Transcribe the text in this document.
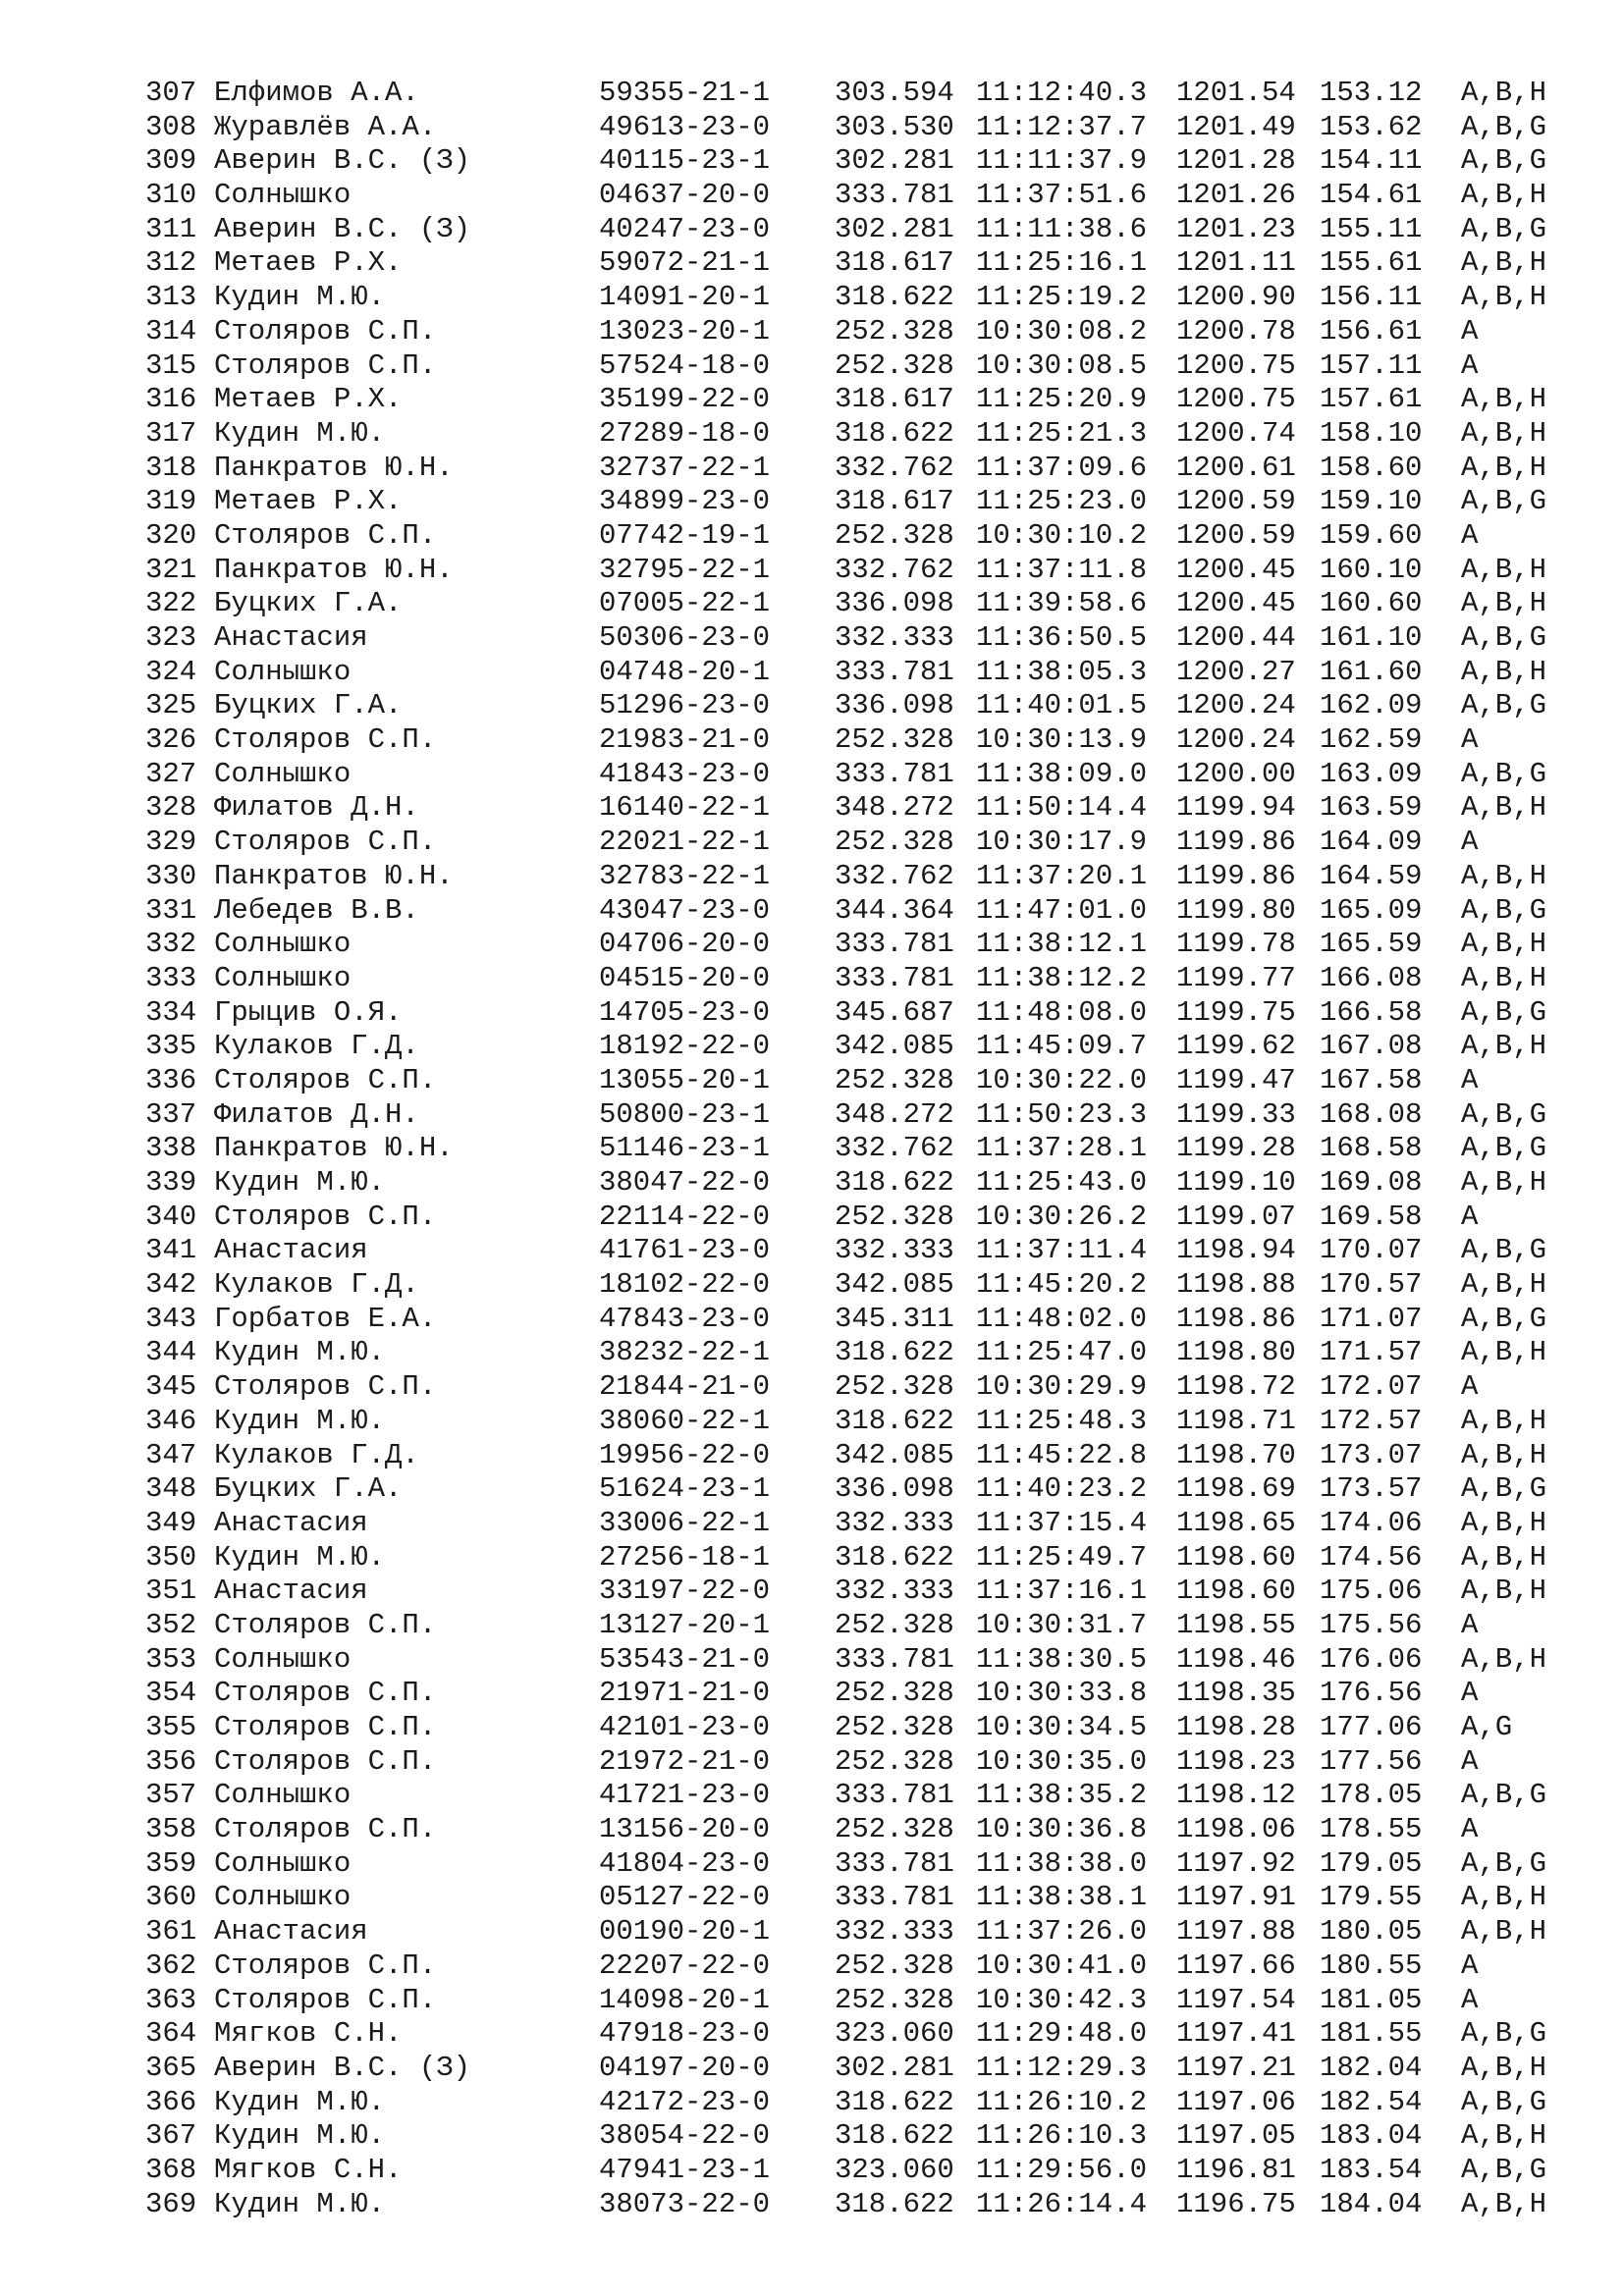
307 Елфимов А.А.	59355-21-1 303.594 11:12:40.3 1201.54 153.12 A,B,H
308 Журавлёв А.А.	49613-23-0 303.530 11:12:37.7 1201.49 153.62 A,B,G
309 Аверин В.С. (З)	40115-23-1 302.281 11:11:37.9 1201.28 154.11 A,B,G
310 Солнышко	04637-20-0 333.781 11:37:51.6 1201.26 154.61 A,B,H
311 Аверин В.С. (З)	40247-23-0 302.281 11:11:38.6 1201.23 155.11 A,B,G
312 Метаев Р.Х.	59072-21-1 318.617 11:25:16.1 1201.11 155.61 A,B,H
313 Кудин М.Ю.	14091-20-1 318.622 11:25:19.2 1200.90 156.11 A,B,H
314 Столяров С.П.	13023-20-1 252.328 10:30:08.2 1200.78 156.61 A
315 Столяров С.П.	57524-18-0 252.328 10:30:08.5 1200.75 157.11 A
316 Метаев Р.Х.	35199-22-0 318.617 11:25:20.9 1200.75 157.61 A,B,H
317 Кудин М.Ю.	27289-18-0 318.622 11:25:21.3 1200.74 158.10 A,B,H
318 Панкратов Ю.Н.	32737-22-1 332.762 11:37:09.6 1200.61 158.60 A,B,H
319 Метаев Р.Х.	34899-23-0 318.617 11:25:23.0 1200.59 159.10 A,B,G
320 Столяров С.П.	07742-19-1 252.328 10:30:10.2 1200.59 159.60 A
321 Панкратов Ю.Н.	32795-22-1 332.762 11:37:11.8 1200.45 160.10 A,B,H
322 Буцких Г.А.	07005-22-1 336.098 11:39:58.6 1200.45 160.60 A,B,H
323 Анастасия	50306-23-0 332.333 11:36:50.5 1200.44 161.10 A,B,G
324 Солнышко	04748-20-1 333.781 11:38:05.3 1200.27 161.60 A,B,H
325 Буцких Г.А.	51296-23-0 336.098 11:40:01.5 1200.24 162.09 A,B,G
326 Столяров С.П.	21983-21-0 252.328 10:30:13.9 1200.24 162.59 A
327 Солнышко	41843-23-0 333.781 11:38:09.0 1200.00 163.09 A,B,G
328 Филатов Д.Н.	16140-22-1 348.272 11:50:14.4 1199.94 163.59 A,B,H
329 Столяров С.П.	22021-22-1 252.328 10:30:17.9 1199.86 164.09 A
330 Панкратов Ю.Н.	32783-22-1 332.762 11:37:20.1 1199.86 164.59 A,B,H
331 Лебедев В.В.	43047-23-0 344.364 11:47:01.0 1199.80 165.09 A,B,G
332 Солнышко	04706-20-0 333.781 11:38:12.1 1199.78 165.59 A,B,H
333 Солнышко	04515-20-0 333.781 11:38:12.2 1199.77 166.08 A,B,H
334 Грыцив О.Я.	14705-23-0 345.687 11:48:08.0 1199.75 166.58 A,B,G
335 Кулаков Г.Д.	18192-22-0 342.085 11:45:09.7 1199.62 167.08 A,B,H
336 Столяров С.П.	13055-20-1 252.328 10:30:22.0 1199.47 167.58 A
337 Филатов Д.Н.	50800-23-1 348.272 11:50:23.3 1199.33 168.08 A,B,G
338 Панкратов Ю.Н.	51146-23-1 332.762 11:37:28.1 1199.28 168.58 A,B,G
339 Кудин М.Ю.	38047-22-0 318.622 11:25:43.0 1199.10 169.08 A,B,H
340 Столяров С.П.	22114-22-0 252.328 10:30:26.2 1199.07 169.58 A
341 Анастасия	41761-23-0 332.333 11:37:11.4 1198.94 170.07 A,B,G
342 Кулаков Г.Д.	18102-22-0 342.085 11:45:20.2 1198.88 170.57 A,B,H
343 Горбатов Е.А.	47843-23-0 345.311 11:48:02.0 1198.86 171.07 A,B,G
344 Кудин М.Ю.	38232-22-1 318.622 11:25:47.0 1198.80 171.57 A,B,H
345 Столяров С.П.	21844-21-0 252.328 10:30:29.9 1198.72 172.07 A
346 Кудин М.Ю.	38060-22-1 318.622 11:25:48.3 1198.71 172.57 A,B,H
347 Кулаков Г.Д.	19956-22-0 342.085 11:45:22.8 1198.70 173.07 A,B,H
348 Буцких Г.А.	51624-23-1 336.098 11:40:23.2 1198.69 173.57 A,B,G
349 Анастасия	33006-22-1 332.333 11:37:15.4 1198.65 174.06 A,B,H
350 Кудин М.Ю.	27256-18-1 318.622 11:25:49.7 1198.60 174.56 A,B,H
351 Анастасия	33197-22-0 332.333 11:37:16.1 1198.60 175.06 A,B,H
352 Столяров С.П.	13127-20-1 252.328 10:30:31.7 1198.55 175.56 A
353 Солнышко	53543-21-0 333.781 11:38:30.5 1198.46 176.06 A,B,H
354 Столяров С.П.	21971-21-0 252.328 10:30:33.8 1198.35 176.56 A
355 Столяров С.П.	42101-23-0 252.328 10:30:34.5 1198.28 177.06 A,G
356 Столяров С.П.	21972-21-0 252.328 10:30:35.0 1198.23 177.56 A
357 Солнышко	41721-23-0 333.781 11:38:35.2 1198.12 178.05 A,B,G
358 Столяров С.П.	13156-20-0 252.328 10:30:36.8 1198.06 178.55 A
359 Солнышко	41804-23-0 333.781 11:38:38.0 1197.92 179.05 A,B,G
360 Солнышко	05127-22-0 333.781 11:38:38.1 1197.91 179.55 A,B,H
361 Анастасия	00190-20-1 332.333 11:37:26.0 1197.88 180.05 A,B,H
362 Столяров С.П.	22207-22-0 252.328 10:30:41.0 1197.66 180.55 A
363 Столяров С.П.	14098-20-1 252.328 10:30:42.3 1197.54 181.05 A
364 Мягков С.Н.	47918-23-0 323.060 11:29:48.0 1197.41 181.55 A,B,G
365 Аверин В.С. (З)	04197-20-0 302.281 11:12:29.3 1197.21 182.04 A,B,H
366 Кудин М.Ю.	42172-23-0 318.622 11:26:10.2 1197.06 182.54 A,B,G
367 Кудин М.Ю.	38054-22-0 318.622 11:26:10.3 1197.05 183.04 A,B,H
368 Мягков С.Н.	47941-23-1 323.060 11:29:56.0 1196.81 183.54 A,B,G
369 Кудин М.Ю.	38073-22-0 318.622 11:26:14.4 1196.75 184.04 A,B,H
